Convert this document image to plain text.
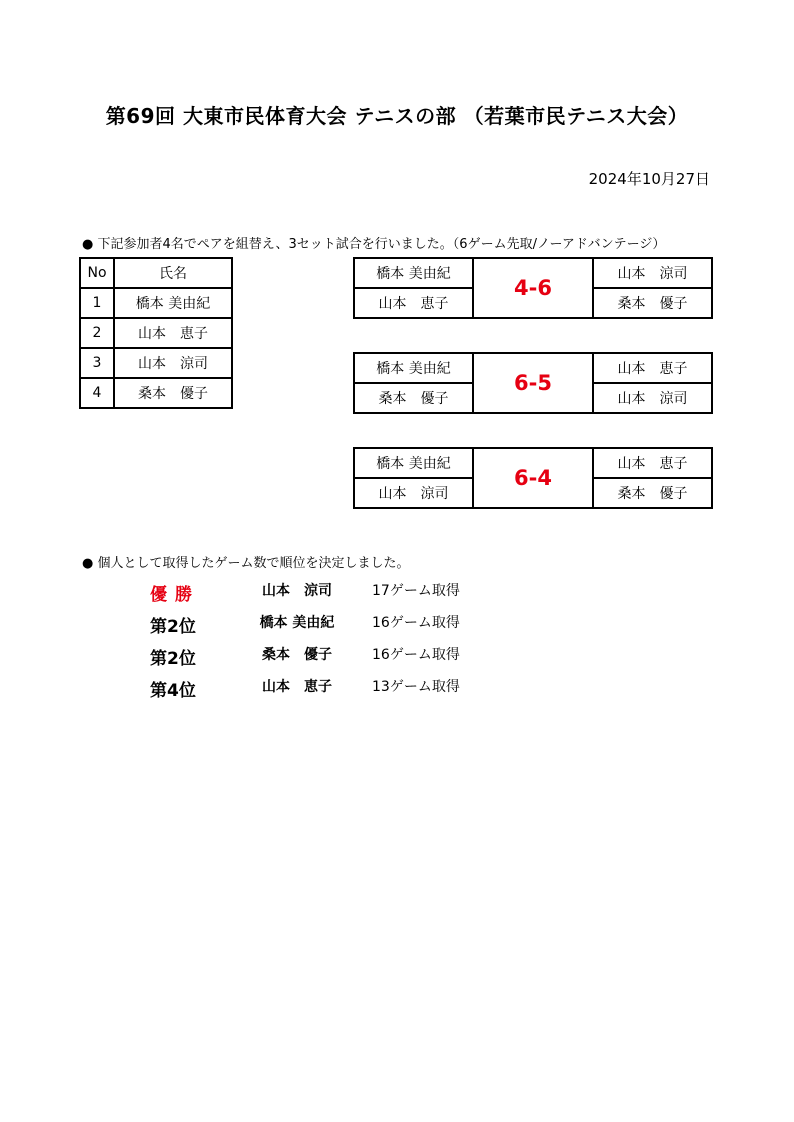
第69回 大東市民体育大会 テニスの部 （若葉市民テニス大会）
2024年10月27日
● 下記参加者4名でペアを組替え、3セット試合を行いました。（6ゲーム先取/ノーアドバンテージ）
No	氏名
1	橋本 美由紀
2	山本　恵子
3	山本　涼司
4	桑本　優子
橋本 美由紀	4-6	山本　涼司
山本　恵子		桑本　優子
橋本 美由紀	6-5	山本　恵子
桑本　優子		山本　涼司
橋本 美由紀	6-4	山本　恵子
山本　涼司		桑本　優子
● 個人として取得したゲーム数で順位を決定しました。
優勝	山本　涼司	17ゲーム取得
第2位	橋本 美由紀	16ゲーム取得
第2位	桑本　優子	16ゲーム取得
第4位	山本　恵子	13ゲーム取得
